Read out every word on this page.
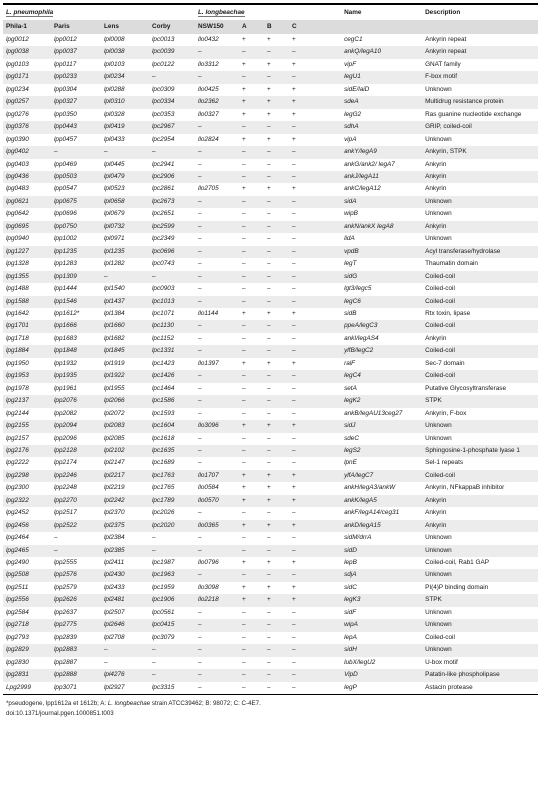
L. pneumophila				L. longbeachae				Name	Description
Phila-1	Paris	Lens	Corby	NSW150	A	B	C		
lpg0012	lpp0012	lpl0008	lpc0013	llo0432	+	+	+	cegC1	Ankyrin repeat
lpg0038	lpp0037	lpl0038	lpc0039	–	–	–	–	ankQ/legA10	Ankyrin repeat
lpg0103	lpp0117	lpl0103	lpc0122	llo3312	+	+	+	vipF	GNAT family
lpg0171	lpp0233	lpl0234	–	–	–	–	–	legU1	F-box motif
lpg0234	lpp0304	lpl0288	lpc0309	llo0425	+	+	+	sidE/laiD	Unknown
lpg0257	lpp0327	lpl0310	lpc0334	llo2362	+	+	+	sdeA	Multidrug resistance protein
lpg0276	lpp0350	lpl0328	lpc0353	llo0327	+	+	+	legG2	Ras guanine nucleotide exchange
lpg0376	lpp0443	lpl0419	lpc2967	–	–	–	–	sdhA	GRIP, coiled-coil
lpg0390	lpp0457	lpl0433	lpc2954	llo2824	+	+	+	vipA	Unknown
lpg0402	–	–	–	–	–	–	–	ankY/legA9	Ankyrin, STPK
lpg0403	lpp0469	lpl0445	lpc2941	–	–	–	–	ankG/ank2/ legA7	Ankyrin
lpg0436	lpp0503	lpl0479	lpc2906	–	–	–	–	ankJ/legA11	Ankyrin
lpg0483	lpp0547	lpl0523	lpc2861	llo2705	+	+	+	ankC/legA12	Ankyrin
lpg0621	lpp0675	lpl0658	lpc2673	–	–	–	–	sidA	Unknown
lpg0642	lpp0696	lpl0679	lpc2651	–	–	–	–	wipB	Unknown
lpg0695	lpp0750	lpl0732	lpc2599	–	–	–	–	ankN/ankX legA8	Ankyrin
lpg0940	lpp1002	lpl0971	lpc2349	–	–	–	–	lidA	Unknown
lpg1227	lpp1235	lpl1235	lpc0696	–	–	–	–	vpdB	Acyl transferase/hydrolase
lpg1328	lpp1283	lpl1282	lpc0743	–	–	–	–	legT	Thaumatin domain
lpg1355	lpp1309	–	–	–	–	–	–	sidG	Coiled-coil
lpg1488	lpp1444	lpl1540	lpc0903	–	–	–	–	lgt3/legc5	Coiled-coil
lpg1588	lpp1546	lpl1437	lpc1013	–	–	–	–	legC6	Coiled-coil
lpg1642	lpp1612*	lpl1384	lpc1071	llo1144	+	+	+	sidB	Rtx toxin, lipase
lpg1701	lpp1666	lpl1660	lpc1130	–	–	–	–	ppeA/legC3	Coiled-coil
lpg1718	lpp1683	lpl1682	lpc1152	–	–	–	–	ankI/legAS4	Ankyrin
lpg1884	lpp1848	lpl1845	lpc1331	–	–	–	–	ylfB/legC2	Coiled-coil
lpg1950	lpp1932	lpl1919	lpc1423	llo1397	+	+	+	ralF	Sec-7 domain
lpg1953	lpp1935	lpl1922	lpc1426	–	–	–	–	legC4	Coiled-coil
lpg1978	lpp1961	lpl1955	lpc1464	–	–	–	–	setA	Putative Glycosyltransferase
lpg2137	lpp2076	lpl2066	lpc1586	–	–	–	–	legK2	STPK
lpg2144	lpp2082	lpl2072	lpc1593	–	–	–	–	ankB/legAU13ceg27	Ankyrin, F-box
lpg2155	lpp2094	lpl2083	lpc1604	llo3096	+	+	+	sidJ	Unknown
lpg2157	lpp2096	lpl2085	lpc1618	–	–	–	–	sdeC	Unknown
lpg2176	lpp2128	lpl2102	lpc1635	–	–	–	–	legS2	Sphingosine-1-phosphate lyase 1
lpg2222	lpp2174	lpl2147	lpc1689	–	–	–	–	lpnE	Sel-1 repeats
lpg2298	lpp2246	lpl2217	lpc1763	llo1707	+	+	+	ylfA/legC7	Coiled-coil
lpg2300	lpp2248	lpl2219	lpc1765	llo0584	+	+	+	ankH/legA3/ankW	Ankyrin, NFkappaB inhibitor
lpg2322	lpp2270	lpl2242	lpc1789	llo0570	+	+	+	ankK/legA5	Ankyrin
lpg2452	lpp2517	lpl2370	lpc2026	–	–	–	–	ankF/legA14/ceg31	Ankyrin
lpg2456	lpp2522	lpl2375	lpc2020	llo0365	+	+	+	ankD/legA15	Ankyrin
lpg2464	–	lpl2384	–	–	–	–	–	sidM/drrA	Unknown
lpg2465	–	lpl2385	–	–	–	–	–	sidD	Unknown
lpg2490	lpp2555	lpl2411	lpc1987	llo0796	+	+	+	lepB	Coiled-coil, Rab1 GAP
lpg2508	lpp2576	lpl2430	lpc1963	–	–	–	–	sdjA	Unknown
lpg2511	lpp2579	lpl2433	lpc1959	llo3098	+	+	+	sidC	PI(4)P binding domain
lpg2556	lpp2626	lpl2481	lpc1906	llo2218	+	+	+	legK3	STPK
lpg2584	lpp2637	lpl2507	lpc0561	–	–	–	–	sidF	Unknown
lpg2718	lpp2775	lpl2646	lpc0415	–	–	–	–	wipA	Unknown
lpg2793	lpp2839	lpl2708	lpc3079	–	–	–	–	lepA	Coiled-coil
lpg2829	lpp2883	–	–	–	–	–	–	sidH	Unknown
lpg2830	lpp2887	–	–	–	–	–	–	lubX/legU2	U-box motif
lpg2831	lpp2888	lpl4276	–	–	–	–	–	VipD	Patatin-like phospholipase
Lpg2999	lpp3071	lpl2927	lpc3315	–	–	–	–	legP	Astacin protease
*pseudogene, lpp1612a et 1612b; A: L. longbeachae strain ATCC39462; B: 98072; C: C-4E7.
doi:10.1371/journal.pgen.1000851.t003
